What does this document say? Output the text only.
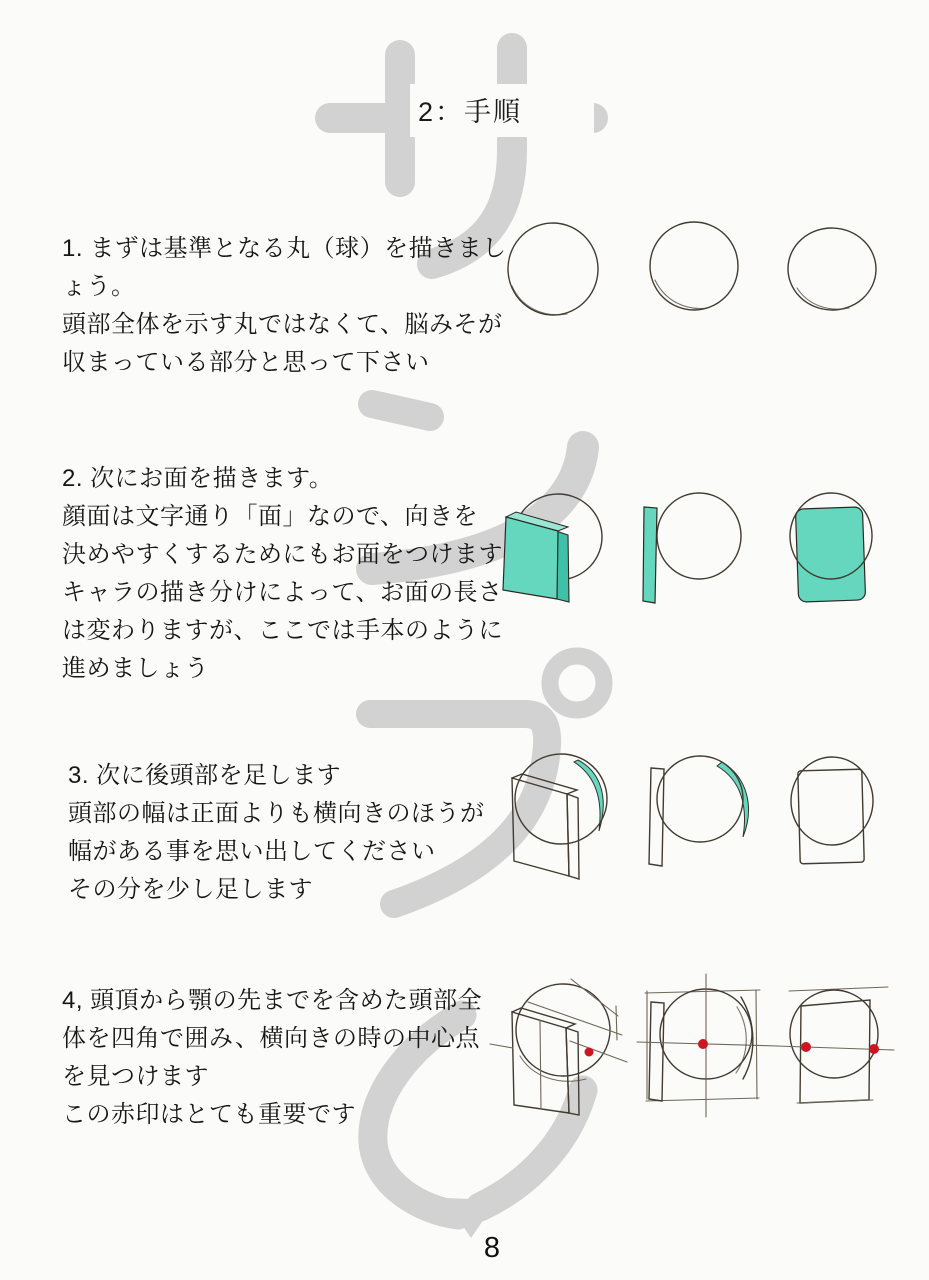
2：手順
1. まずは基準となる丸（球）を描きまし
ょう。
頭部全体を示す丸ではなくて、脳みそが
収まっている部分と思って下さい
2. 次にお面を描きます。
顔面は文字通り「面」なので、向きを
決めやすくするためにもお面をつけます
キャラの描き分けによって、お面の長さ
は変わりますが、ここでは手本のように
進めましょう
3. 次に後頭部を足します
頭部の幅は正面よりも横向きのほうが
幅がある事を思い出してください
その分を少し足します
4, 頭頂から顎の先までを含めた頭部全
体を四角で囲み、横向きの時の中心点
を見つけます
この赤印はとても重要です
8
